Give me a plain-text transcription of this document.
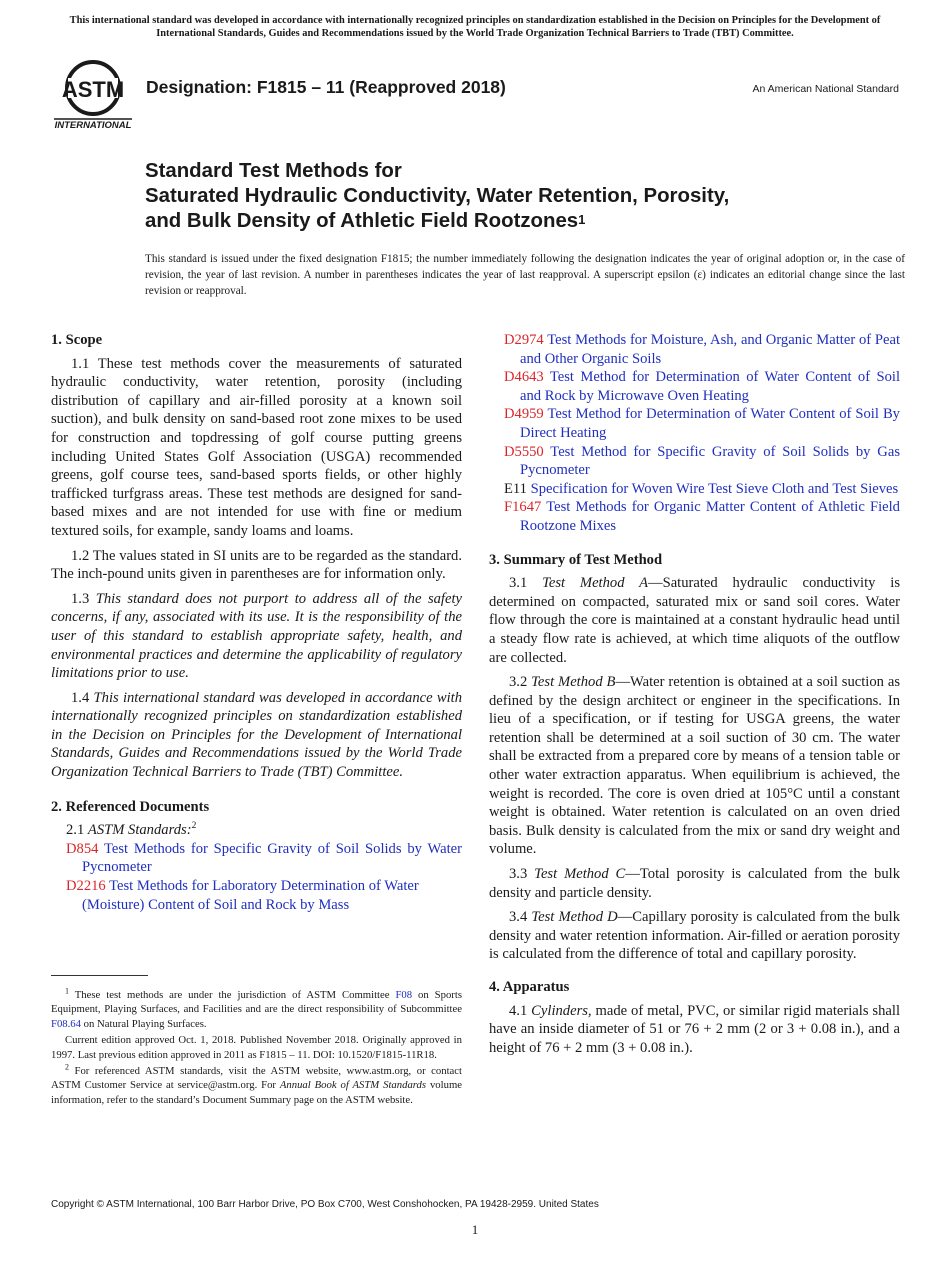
This international standard was developed in accordance with internationally recognized principles on standardization established in the Decision on Principles for the Development of International Standards, Guides and Recommendations issued by the World Trade Organization Technical Barriers to Trade (TBT) Committee.
ASTM
INTERNATIONAL
Designation: F1815 – 11 (Reapproved 2018)	An American National Standard
Standard Test Methods for
Saturated Hydraulic Conductivity, Water Retention, Porosity,
and Bulk Density of Athletic Field Rootzones$^1$
This standard is issued under the fixed designation F1815; the number immediately following the designation indicates the year of original adoption or, in the case of revision, the year of last revision. A number in parentheses indicates the year of last reapproval. A superscript epsilon (ε) indicates an editorial change since the last revision or reapproval.
1. Scope

1.1 These test methods cover the measurements of saturated hydraulic conductivity, water retention, porosity (including distribution of capillary and air-filled porosity at a known soil suction), and bulk density on sand-based root zone mixes to be used for construction and topdressing of golf course putting greens including United States Golf Association (USGA) recommended greens, golf course tees, sand-based sports fields, or other highly trafficked turfgrass areas. These test methods are designed for sand-based mixes and are not intended for use with fine or medium textured soils, for example, sandy loams and loams.

1.2 The values stated in SI units are to be regarded as the standard. The inch-pound units given in parentheses are for information only.

1.3 This standard does not purport to address all of the safety concerns, if any, associated with its use. It is the responsibility of the user of this standard to establish appropriate safety, health, and environmental practices and determine the applicability of regulatory limitations prior to use.

1.4 This international standard was developed in accordance with internationally recognized principles on standardization established in the Decision on Principles for the Development of International Standards, Guides and Recommendations issued by the World Trade Organization Technical Barriers to Trade (TBT) Committee.

2. Referenced Documents

2.1 ASTM Standards:$^2$

D854 Test Methods for Specific Gravity of Soil Solids by Water Pycnometer

D2216 Test Methods for Laboratory Determination of Water (Moisture) Content of Soil and Rock by Mass

D2974 Test Methods for Moisture, Ash, and Organic Matter of Peat and Other Organic Soils

D4643 Test Method for Determination of Water Content of Soil and Rock by Microwave Oven Heating

D4959 Test Method for Determination of Water Content of Soil By Direct Heating

D5550 Test Method for Specific Gravity of Soil Solids by Gas Pycnometer

E11 Specification for Woven Wire Test Sieve Cloth and Test Sieves

F1647 Test Methods for Organic Matter Content of Athletic Field Rootzone Mixes

3. Summary of Test Method

3.1 Test Method A—Saturated hydraulic conductivity is determined on compacted, saturated mix or sand soil cores. Water flow through the core is maintained at a constant hydraulic head until a steady flow rate is achieved, at which time aliquots of the outflow are collected.

3.2 Test Method B—Water retention is obtained at a soil suction as defined by the design architect or engineer in the specifications. In lieu of a specification, or if testing for USGA greens, the water retention shall be determined at a soil suction of 30 cm. The water shall be extracted from a prepared core by means of a tension table or other water extraction apparatus. When equilibrium is achieved, the weight is recorded. The core is oven dried at 105°C until a constant weight is obtained. Water retention is calculated on an oven dried basis. Bulk density is calculated from the mix or sand dry weight and volume.

3.3 Test Method C—Total porosity is calculated from the bulk density and particle density.

3.4 Test Method D—Capillary porosity is calculated from the bulk density and water retention information. Air-filled or aeration porosity is calculated from the difference of total and capillary porosity.

4. Apparatus

4.1 Cylinders, made of metal, PVC, or similar rigid materials shall have an inside diameter of 51 or 76 + 2 mm (2 or 3 + 0.08 in.), and a height of 76 + 2 mm (3 + 0.08 in.).

$^1$ These test methods are under the jurisdiction of ASTM Committee F08 on Sports Equipment, Playing Surfaces, and Facilities and are the direct responsibility of Subcommittee F08.64 on Natural Playing Surfaces.

Current edition approved Oct. 1, 2018. Published November 2018. Originally approved in 1997. Last previous edition approved in 2011 as F1815 – 11. DOI: 10.1520/F1815-11R18.

$^2$ For referenced ASTM standards, visit the ASTM website, www.astm.org, or contact ASTM Customer Service at service@astm.org. For Annual Book of ASTM Standards volume information, refer to the standard’s Document Summary page on the ASTM website.

Copyright © ASTM International, 100 Barr Harbor Drive, PO Box C700, West Conshohocken, PA 19428-2959. United States
1
